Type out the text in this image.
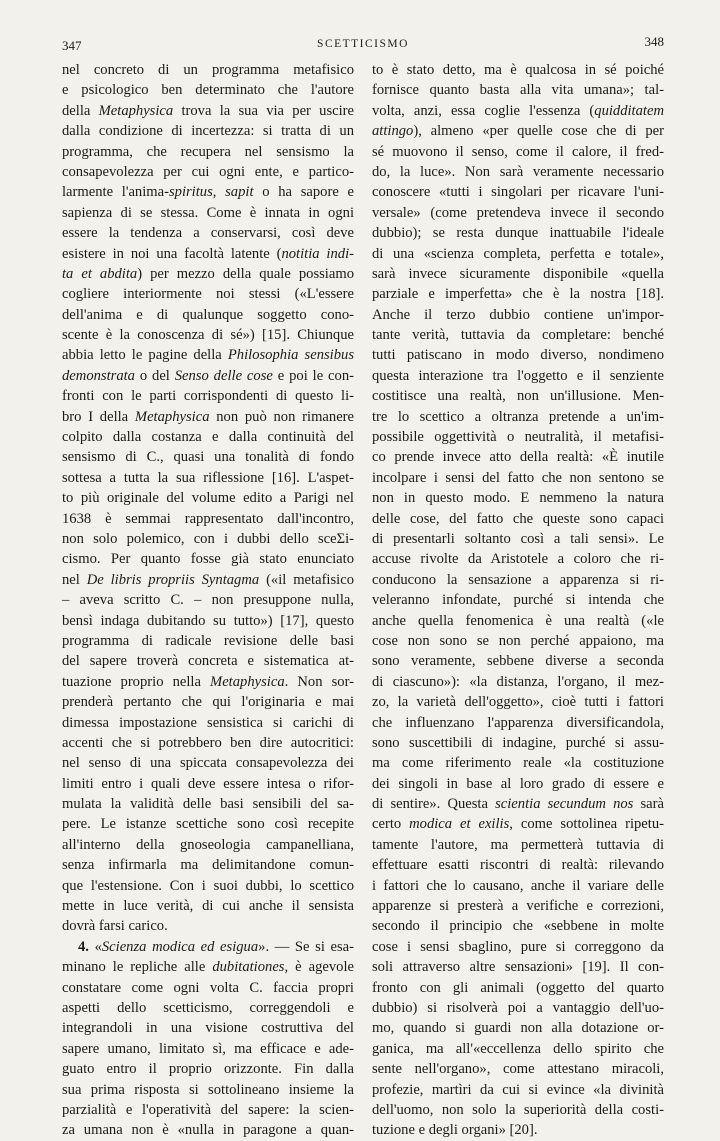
347	SCETTICISMO	348
nel concreto di un programma metafisico
e psicologico ben determinato che l'autore
della Metaphysica trova la sua via per uscire
dalla condizione di incertezza: si tratta di un
programma, che recupera nel sensismo la
consapevolezza per cui ogni ente, e partico-
larmente l'anima-spiritus, sapit o ha sapore e
sapienza di se stessa. Come è innata in ogni
essere la tendenza a conservarsi, così deve
esistere in noi una facoltà latente (notitia indi-
ta et abdita) per mezzo della quale possiamo
cogliere interiormente noi stessi («L'essere
dell'anima e di qualunque soggetto cono-
scente è la conoscenza di sé») [15]. Chiunque
abbia letto le pagine della Philosophia sensibus
demonstrata o del Senso delle cose e poi le con-
fronti con le parti corrispondenti di questo li-
bro I della Metaphysica non può non rimanere
colpito dalla costanza e dalla continuità del
sensismo di C., quasi una tonalità di fondo
sottesa a tutta la sua riflessione [16]. L'aspet-
to più originale del volume edito a Parigi nel
1638 è semmai rappresentato dall'incontro,
non solo polemico, con i dubbi dello sceƩi-
cismo. Per quanto fosse già stato enunciato
nel De libris propriis Syntagma («il metafisico
– aveva scritto C. – non presuppone nulla,
bensì indaga dubitando su tutto») [17], questo
programma di radicale revisione delle basi
del sapere troverà concreta e sistematica at-
tuazione proprio nella Metaphysica. Non sor-
prenderà pertanto che qui l'originaria e mai
dimessa impostazione sensistica si carichi di
accenti che si potrebbero ben dire autocritici:
nel senso di una spiccata consapevolezza dei
limiti entro i quali deve essere intesa o rifor-
mulata la validità delle basi sensibili del sa-
pere. Le istanze scettiche sono così recepite
all'interno della gnoseologia campanelliana,
senza infirmarla ma delimitandone comun-
que l'estensione. Con i suoi dubbi, lo scettico
mette in luce verità, di cui anche il sensista
dovrà farsi carico.
4. «Scienza modica ed esigua». — Se si esa-
minano le repliche alle dubitationes, è agevole
constatare come ogni volta C. faccia propri
aspetti dello scetticismo, correggendoli e
integrandoli in una visione costruttiva del
sapere umano, limitato sì, ma efficace e ade-
guato entro il proprio orizzonte. Fin dalla
sua prima risposta si sottolineano insieme la
parzialità e l'operatività del sapere: la scien-
za umana non è «nulla in paragone a quan-
to è stato detto, ma è qualcosa in sé poiché
fornisce quanto basta alla vita umana»; tal-
volta, anzi, essa coglie l'essenza (quidditatem
attingo), almeno «per quelle cose che di per
sé muovono il senso, come il calore, il fred-
do, la luce». Non sarà veramente necessario
conoscere «tutti i singolari per ricavare l'uni-
versale» (come pretendeva invece il secondo
dubbio); se resta dunque inattuabile l'ideale
di una «scienza completa, perfetta e totale»,
sarà invece sicuramente disponibile «quella
parziale e imperfetta» che è la nostra [18].
Anche il terzo dubbio contiene un'impor-
tante verità, tuttavia da completare: benché
tutti patiscano in modo diverso, nondimeno
questa interazione tra l'oggetto e il senziente
costitisce una realtà, non un'illusione. Men-
tre lo scettico a oltranza pretende a un'im-
possibile oggettività o neutralità, il metafisi-
co prende invece atto della realtà: «È inutile
incolpare i sensi del fatto che non sentono se
non in questo modo. E nemmeno la natura
delle cose, del fatto che queste sono capaci
di presentarli soltanto così a tali sensi». Le
accuse rivolte da Aristotele a coloro che ri-
conducono la sensazione a apparenza si ri-
veleranno infondate, purché si intenda che
anche quella fenomenica è una realtà («le
cose non sono se non perché appaiono, ma
sono veramente, sebbene diverse a seconda
di ciascuno»): «la distanza, l'organo, il mez-
zo, la varietà dell'oggetto», cioè tutti i fattori
che influenzano l'apparenza diversificandola,
sono suscettibili di indagine, purché si assu-
ma come riferimento reale «la costituzione
dei singoli in base al loro grado di essere e
di sentire». Questa scientia secundum nos sarà
certo modica et exilis, come sottolinea ripetu-
tamente l'autore, ma permetterà tuttavia di
effettuare esatti riscontri di realtà: rilevando
i fattori che lo causano, anche il variare delle
apparenze si presterà a verifiche e correzioni,
secondo il principio che «sebbene in molte
cose i sensi sbaglino, pure si correggono da
soli attraverso altre sensazioni» [19]. Il con-
fronto con gli animali (oggetto del quarto
dubbio) si risolverà poi a vantaggio dell'uo-
mo, quando si guardi non alla dotazione or-
ganica, ma all'«eccellenza dello spirito che
sente nell'organo», come attestano miracoli,
profezie, martìri da cui si evince «la divinità
dell'uomo, non solo la superiorità della costi-
tuzione e degli organi» [20].
